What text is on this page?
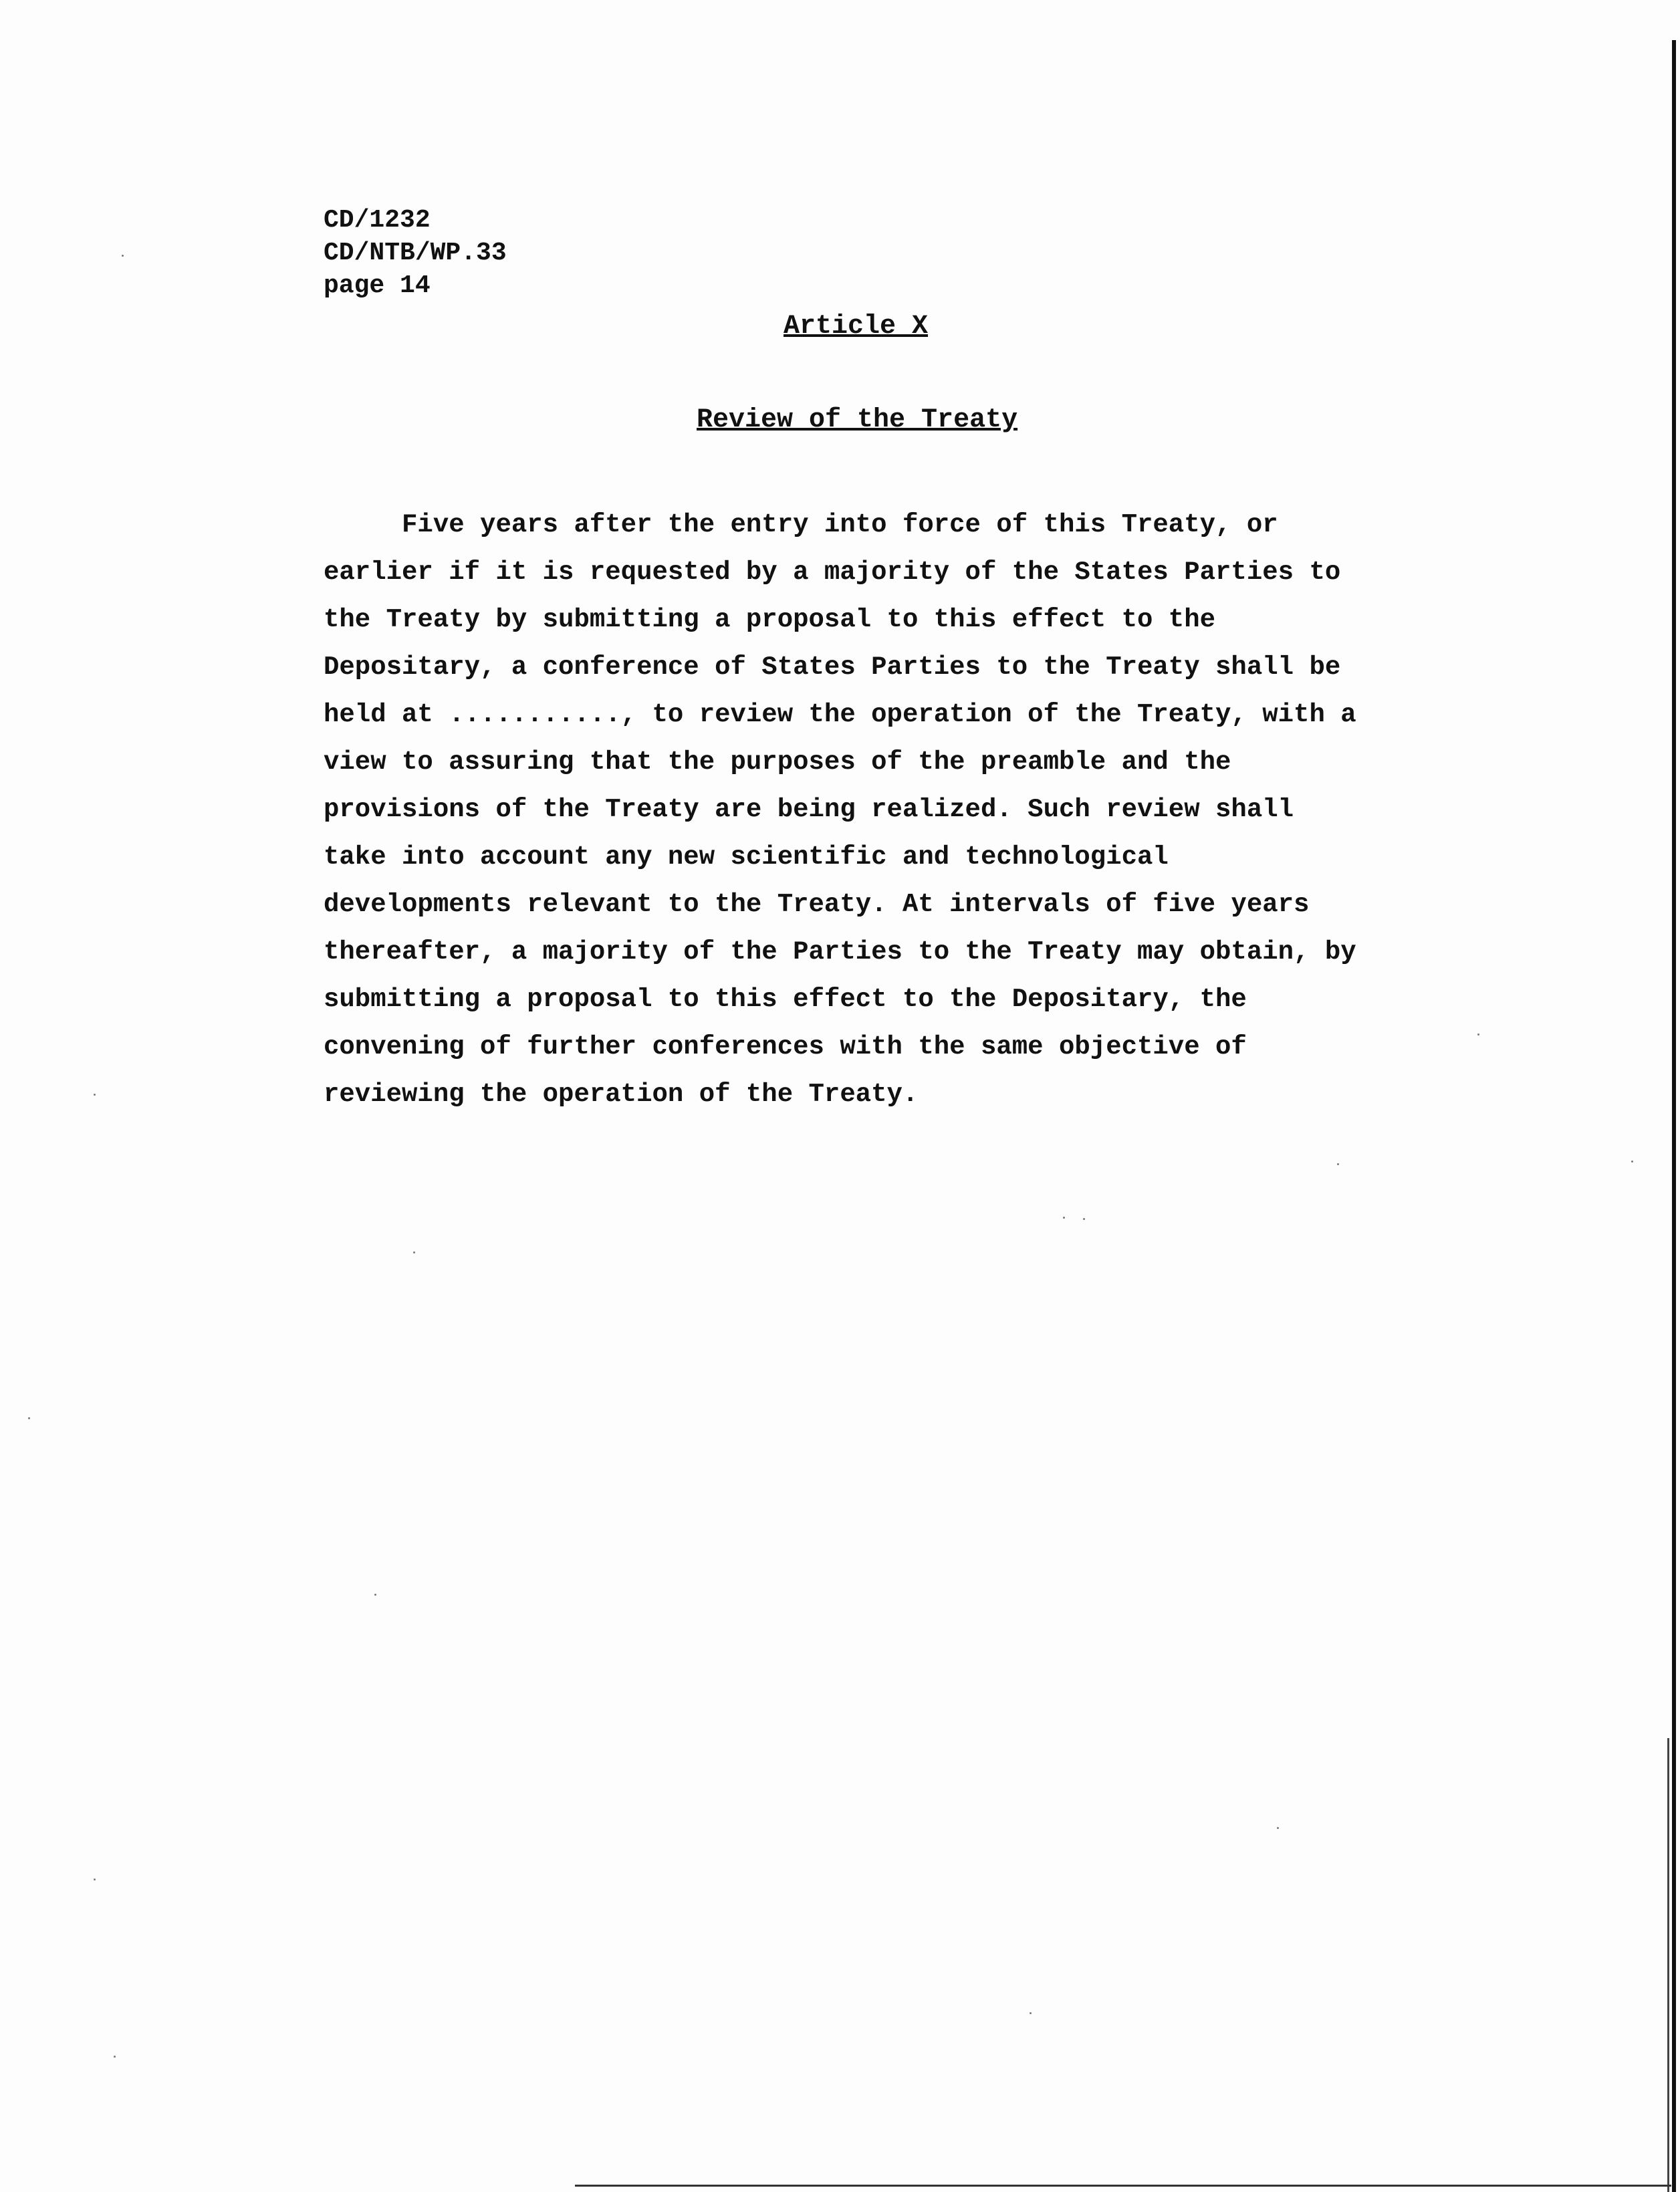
CD/1232
CD/NTB/WP.33
page 14
Article X
Review of the Treaty
Five years after the entry into force of this Treaty, or
earlier if it is requested by a majority of the States Parties to
the Treaty by submitting a proposal to this effect to the
Depositary, a conference of States Parties to the Treaty shall be
held at ..........., to review the operation of the Treaty, with a
view to assuring that the purposes of the preamble and the
provisions of the Treaty are being realized. Such review shall
take into account any new scientific and technological
developments relevant to the Treaty. At intervals of five years
thereafter, a majority of the Parties to the Treaty may obtain, by
submitting a proposal to this effect to the Depositary, the
convening of further conferences with the same objective of
reviewing the operation of the Treaty.
